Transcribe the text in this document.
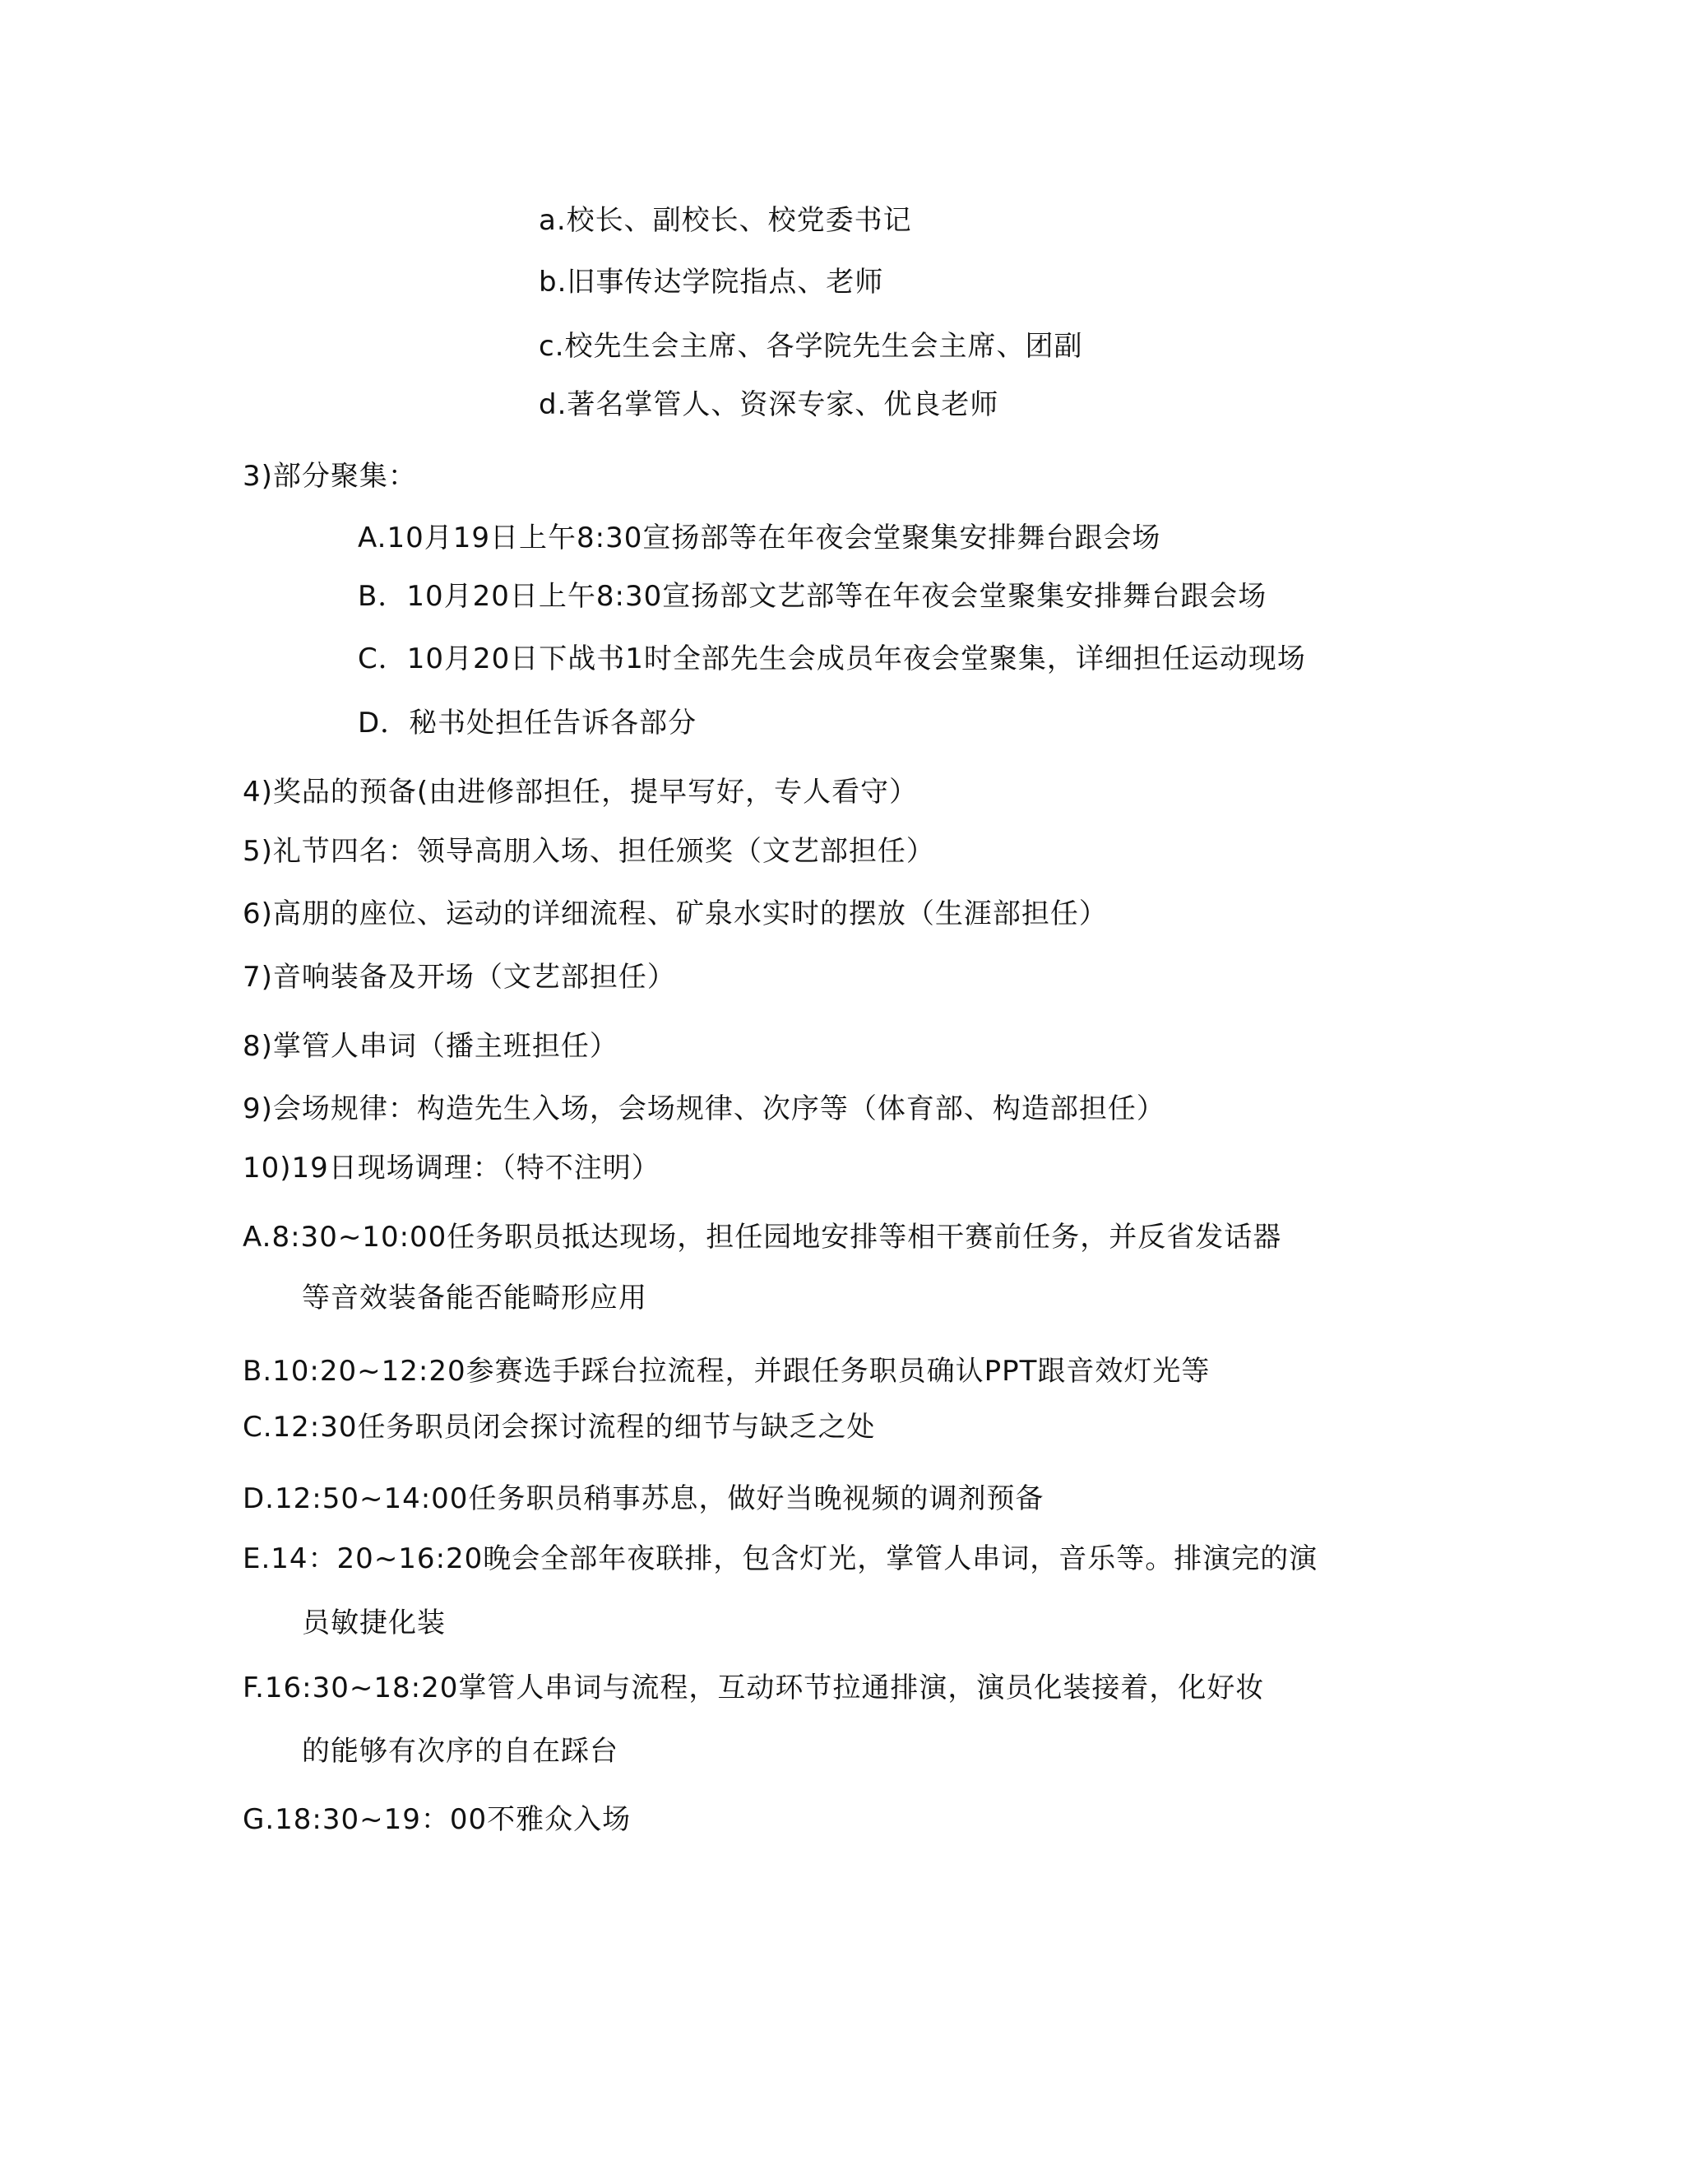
a.校长、副校长、校党委书记
b.旧事传达学院指点、老师
c.校先生会主席、各学院先生会主席、团副
d.著名掌管人、资深专家、优良老师
3)部分聚集：
A.10月19日上午8:30宣扬部等在年夜会堂聚集安排舞台跟会场
B．10月20日上午8:30宣扬部文艺部等在年夜会堂聚集安排舞台跟会场
C．10月20日下战书1时全部先生会成员年夜会堂聚集，详细担任运动现场
D．秘书处担任告诉各部分
4)奖品的预备(由进修部担任，提早写好，专人看守）
5)礼节四名：领导高朋入场、担任颁奖（文艺部担任）
6)高朋的座位、运动的详细流程、矿泉水实时的摆放（生涯部担任）
7)音响装备及开场（文艺部担任）
8)掌管人串词（播主班担任）
9)会场规律：构造先生入场，会场规律、次序等（体育部、构造部担任）
10)19日现场调理：（特不注明）
A.8:30~10:00任务职员抵达现场，担任园地安排等相干赛前任务，并反省发话器
等音效装备能否能畸形应用
B.10:20~12:20参赛选手踩台拉流程，并跟任务职员确认PPT跟音效灯光等
C.12:30任务职员闭会探讨流程的细节与缺乏之处
D.12:50~14:00任务职员稍事苏息，做好当晚视频的调剂预备
E.14：20~16:20晚会全部年夜联排，包含灯光，掌管人串词，音乐等。排演完的演
员敏捷化装
F.16:30~18:20掌管人串词与流程，互动环节拉通排演，演员化装接着，化好妆
的能够有次序的自在踩台
G.18:30~19：00不雅众入场
